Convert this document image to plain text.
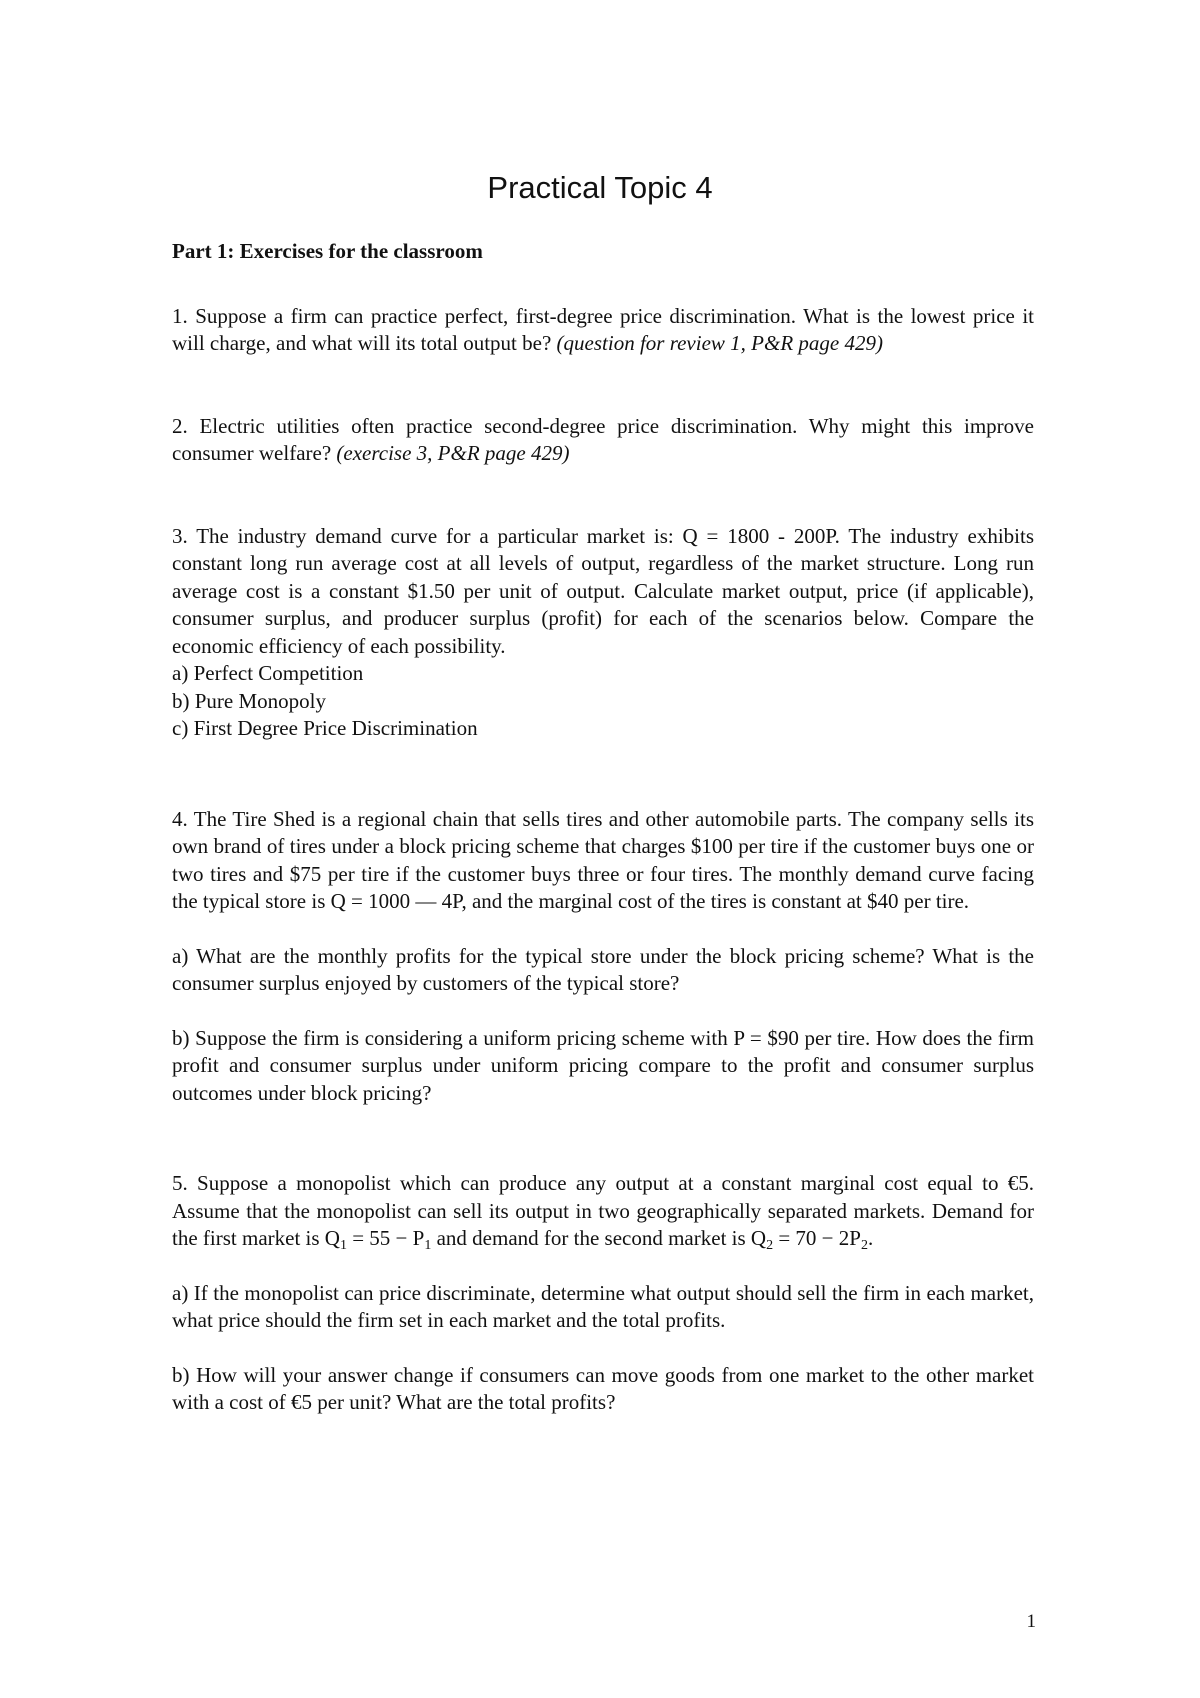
Practical Topic 4

Part 1: Exercises for the classroom

1. Suppose a firm can practice perfect, first-degree price discrimination. What is the lowest price it will charge, and what will its total output be? (question for review 1, P&R page 429)

2. Electric utilities often practice second-degree price discrimination. Why might this improve consumer welfare? (exercise 3, P&R page 429)

3. The industry demand curve for a particular market is: Q = 1800 - 200P. The industry exhibits constant long run average cost at all levels of output, regardless of the market structure. Long run average cost is a constant $1.50 per unit of output. Calculate market output, price (if applicable), consumer surplus, and producer surplus (profit) for each of the scenarios below. Compare the economic efficiency of each possibility.

a) Perfect Competition

b) Pure Monopoly

c) First Degree Price Discrimination

4. The Tire Shed is a regional chain that sells tires and other automobile parts. The company sells its own brand of tires under a block pricing scheme that charges $100 per tire if the customer buys one or two tires and $75 per tire if the customer buys three or four tires. The monthly demand curve facing the typical store is Q = 1000 — 4P, and the marginal cost of the tires is constant at $40 per tire.

a) What are the monthly profits for the typical store under the block pricing scheme? What is the consumer surplus enjoyed by customers of the typical store?

b) Suppose the firm is considering a uniform pricing scheme with P = $90 per tire. How does the firm profit and consumer surplus under uniform pricing compare to the profit and consumer surplus outcomes under block pricing?

5. Suppose a monopolist which can produce any output at a constant marginal cost equal to €5. Assume that the monopolist can sell its output in two geographically separated markets. Demand for the first market is $Q_1 = 55 - P_1$ and demand for the second market is $Q_2 = 70 - 2P_2$.

a) If the monopolist can price discriminate, determine what output should sell the firm in each market, what price should the firm set in each market and the total profits.

b) How will your answer change if consumers can move goods from one market to the other market with a cost of €5 per unit? What are the total profits?

1
